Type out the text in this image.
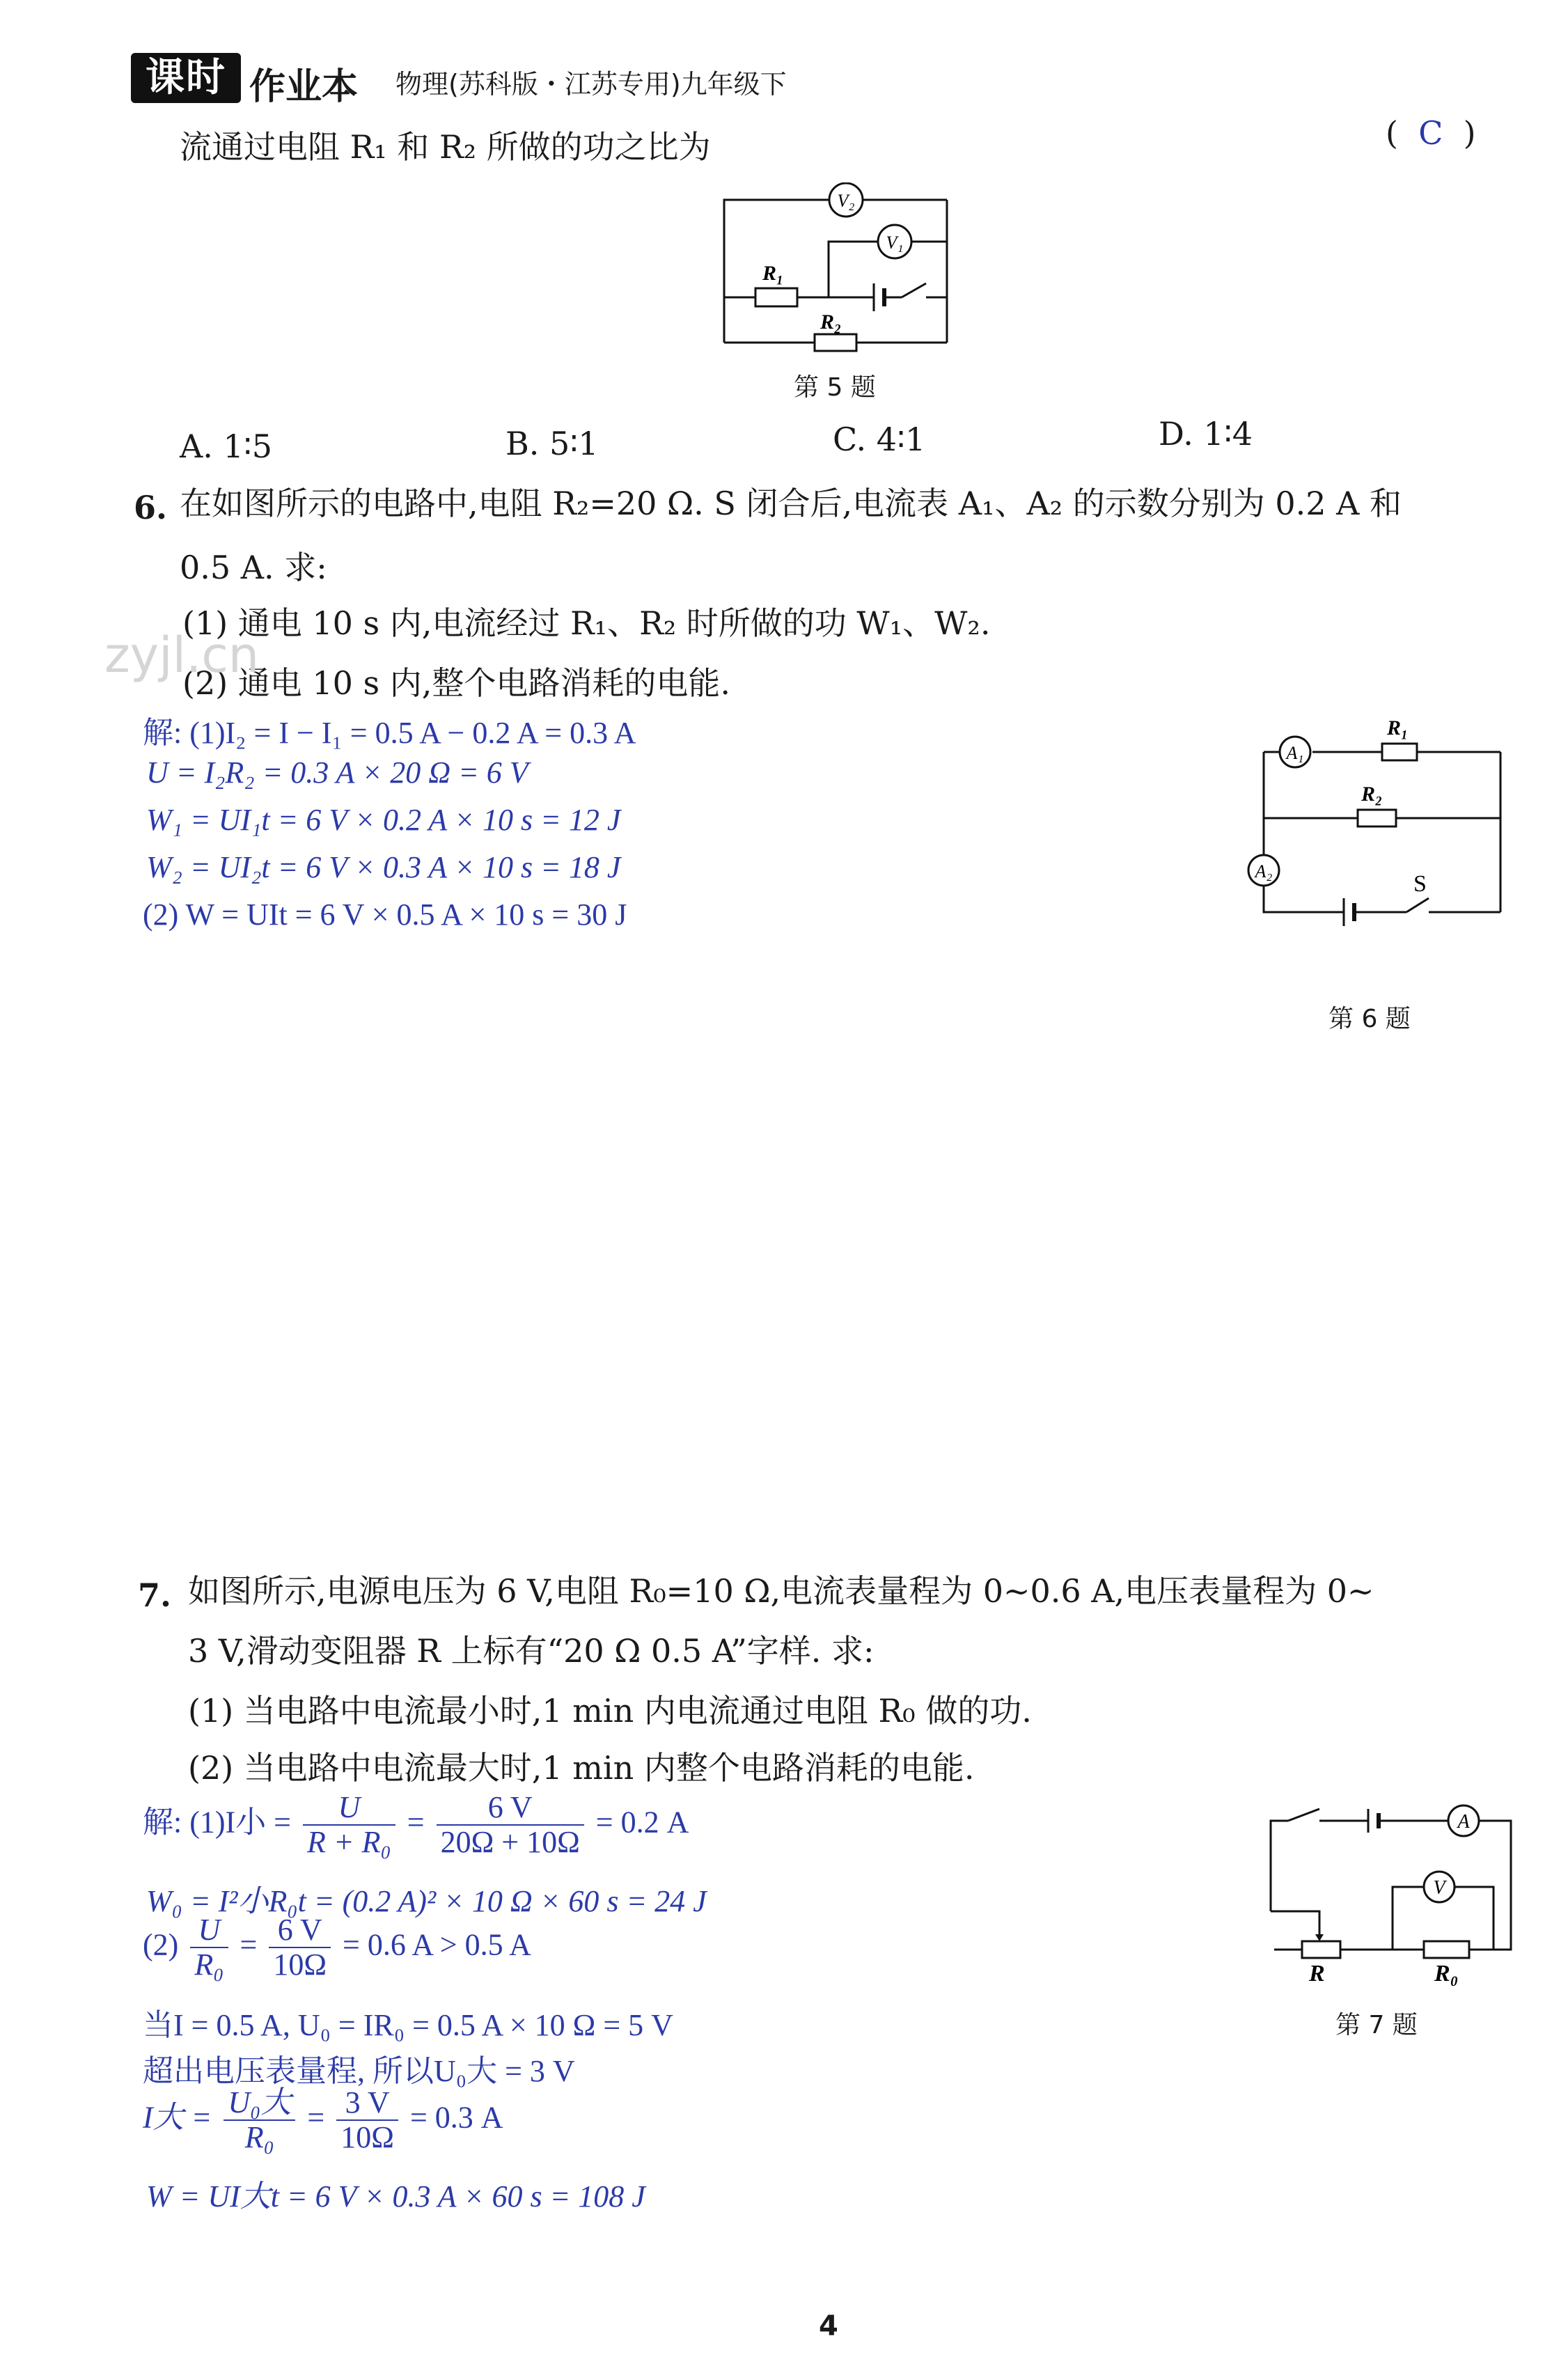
课时 作业本 物理(苏科版・江苏专用)九年级下
流通过电阻 R₁ 和 R₂ 所做的功之比为	( C )
V₂
V₁
R₁
R₂
第 5 题
A. 1∶5	B. 5∶1	C. 4∶1	D. 1∶4
6. 在如图所示的电路中,电阻 R₂=20 Ω. S 闭合后,电流表 A₁、A₂ 的示数分别为 0.2 A 和
0.5 A. 求:
(1) 通电 10 s 内,电流经过 R₁、R₂ 时所做的功 W₁、W₂.
(2) 通电 10 s 内,整个电路消耗的电能.
zyjl.cn
解: (1)I₂ = I − I₁ = 0.5 A − 0.2 A = 0.3 A
U = I₂R₂ = 0.3 A × 20 Ω = 6 V
W₁ = UI₁t = 6 V × 0.2 A × 10 s = 12 J
W₂ = UI₂t = 6 V × 0.3 A × 10 s = 18 J
(2) W = UIt = 6 V × 0.5 A × 10 s = 30 J
A₁
A₂
R₁
R₂
S
第 6 题
7. 如图所示,电源电压为 6 V,电阻 R₀=10 Ω,电流表量程为 0~0.6 A,电压表量程为 0~
3 V,滑动变阻器 R 上标有“20 Ω 0.5 A”字样. 求:
(1) 当电路中电流最小时,1 min 内电流通过电阻 R₀ 做的功.
(2) 当电路中电流最大时,1 min 内整个电路消耗的电能.
解: (1)I小 = $\frac{U}{\text{R + R₀}} = \frac{6 V}{20\Omega + 10\Omega} = 0.2$ A
W₀ = I²小R₀t = (0.2 A)² × 10 Ω × 60 s = 24 J
$(2) \frac{U}{\text{R₀}} = \frac{6 V}{10\Omega} = 0.6$ A > 0.5 A
当I = 0.5 A, U₀ = IR₀ = 0.5 A × 10 Ω = 5 V
超出电压表量程, 所以U₀大 = 3 V
I大 = $\frac{\text{U₀大}}{\text{R₀}} = \frac{3 V}{10\Omega} = 0.3$ A
W = UI大t = 6 V × 0.3 A × 60 s = 108 J
A
V
R	R₀
第 7 题
4
